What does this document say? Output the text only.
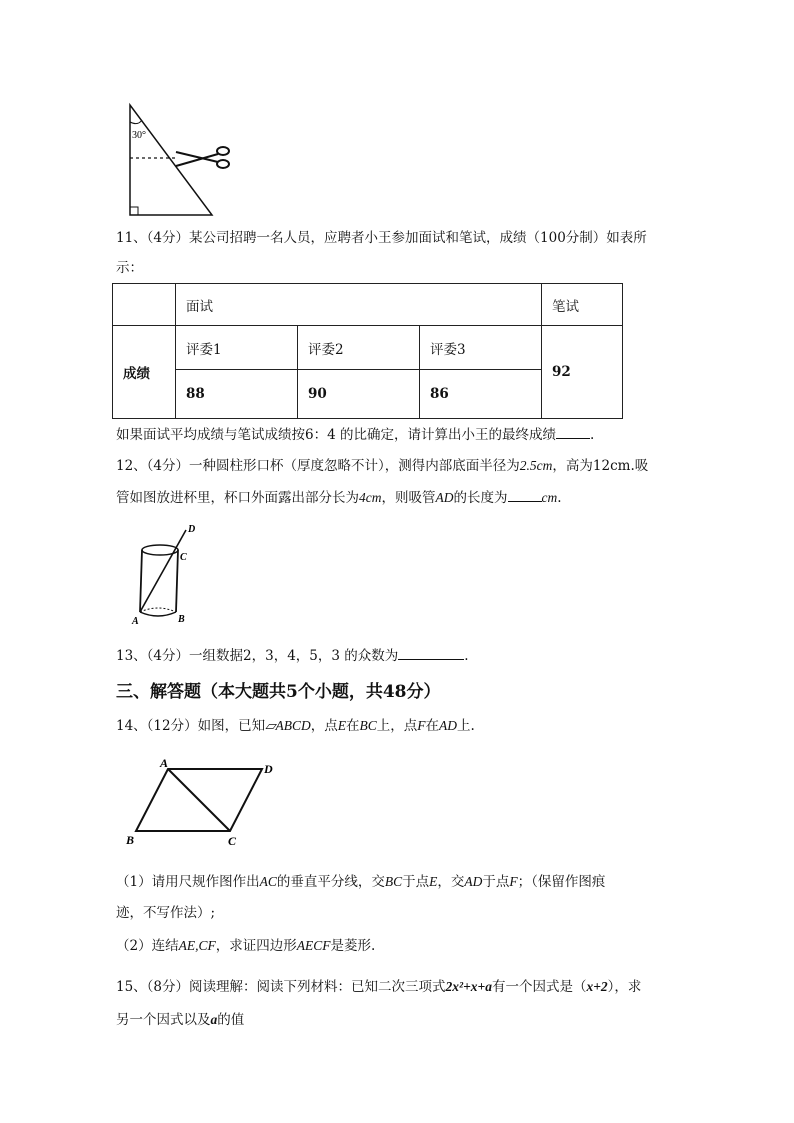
30°
11、（4分）某公司招聘一名人员，应聘者小王参加面试和笔试，成绩（100分制）如表所
示：
	面试			笔试
成绩	评委1	评委2	评委3	92
	88	90	86	
如果面试平均成绩与笔试成绩按6：4 的比确定，请计算出小王的最终成绩	.
12、（4分）一种圆柱形口杯（厚度忽略不计），测得内部底面半径为2.5cm，高为12cm.吸
管如图放进杯里，杯口外面露出部分长为4cm，则吸管AD的长度为	cm.
D
C
A	B
13、（4分）一组数据2，3，4，5，3 的众数为	.
三、解答题（本大题共5个小题，共48分）
14、（12分）如图，已知▱ABCD，点E在BC上，点F在AD上.
A	D
B	C
（1）请用尺规作图作出AC的垂直平分线，交BC于点E，交AD于点F；（保留作图痕
迹，不写作法）;
（2）连结AE,CF，求证四边形AECF是菱形.
15、（8分）阅读理解：阅读下列材料：已知二次三项式2x²+x+a有一个因式是（x+2），求
另一个因式以及a的值
